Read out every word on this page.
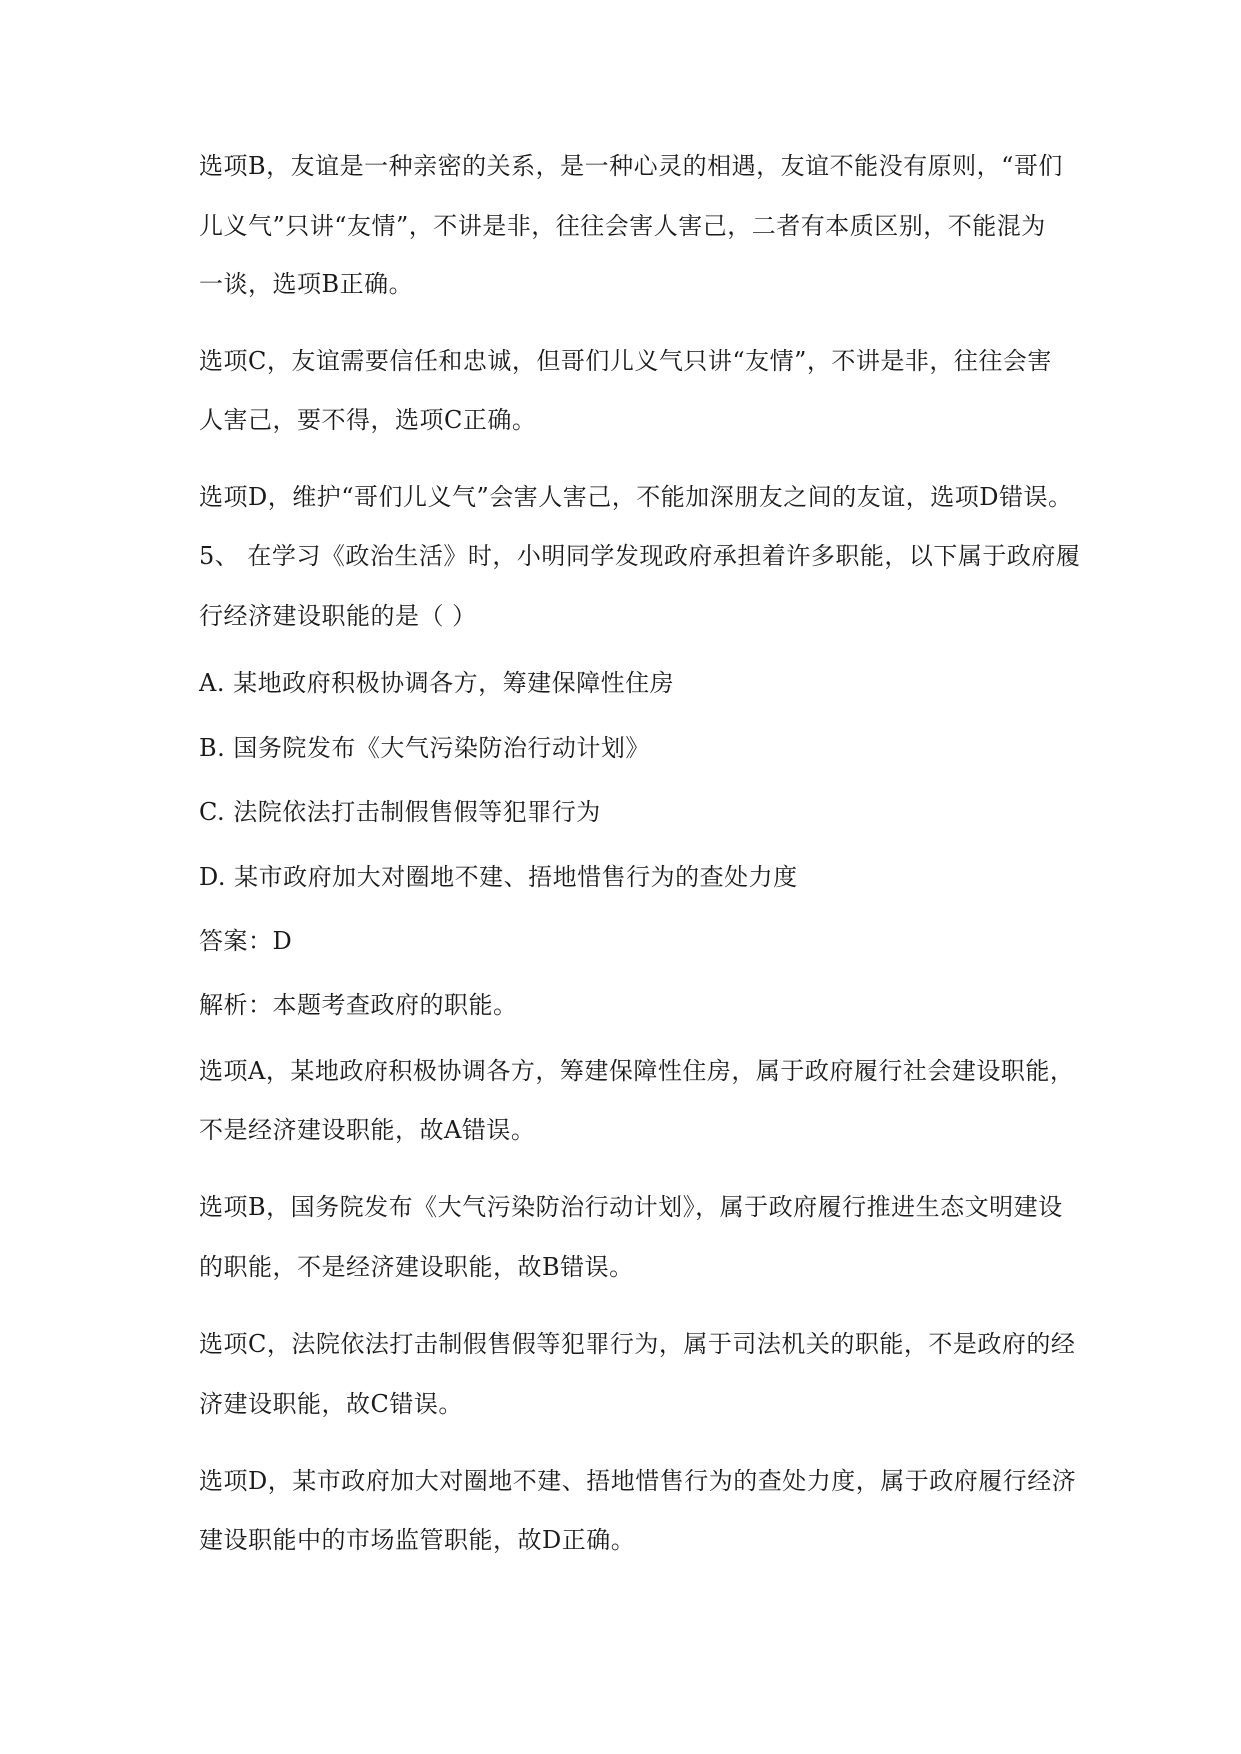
选项B，友谊是一种亲密的关系，是一种心灵的相遇，友谊不能没有原则，“哥们
儿义气”只讲“友情”，不讲是非，往往会害人害己，二者有本质区别，不能混为
一谈，选项B正确。
选项C，友谊需要信任和忠诚，但哥们儿义气只讲“友情”，不讲是非，往往会害
人害己，要不得，选项C正确。
选项D，维护“哥们儿义气”会害人害己，不能加深朋友之间的友谊，选项D错误。
5、 在学习《政治生活》时，小明同学发现政府承担着许多职能，以下属于政府履
行经济建设职能的是（ ）
A. 某地政府积极协调各方，筹建保障性住房
B. 国务院发布《大气污染防治行动计划》
C. 法院依法打击制假售假等犯罪行为
D. 某市政府加大对圈地不建、捂地惜售行为的查处力度
答案：D
解析：本题考查政府的职能。
选项A，某地政府积极协调各方，筹建保障性住房，属于政府履行社会建设职能，
不是经济建设职能，故A错误。
选项B，国务院发布《大气污染防治行动计划》，属于政府履行推进生态文明建设
的职能，不是经济建设职能，故B错误。
选项C，法院依法打击制假售假等犯罪行为，属于司法机关的职能，不是政府的经
济建设职能，故C错误。
选项D，某市政府加大对圈地不建、捂地惜售行为的查处力度，属于政府履行经济
建设职能中的市场监管职能，故D正确。
